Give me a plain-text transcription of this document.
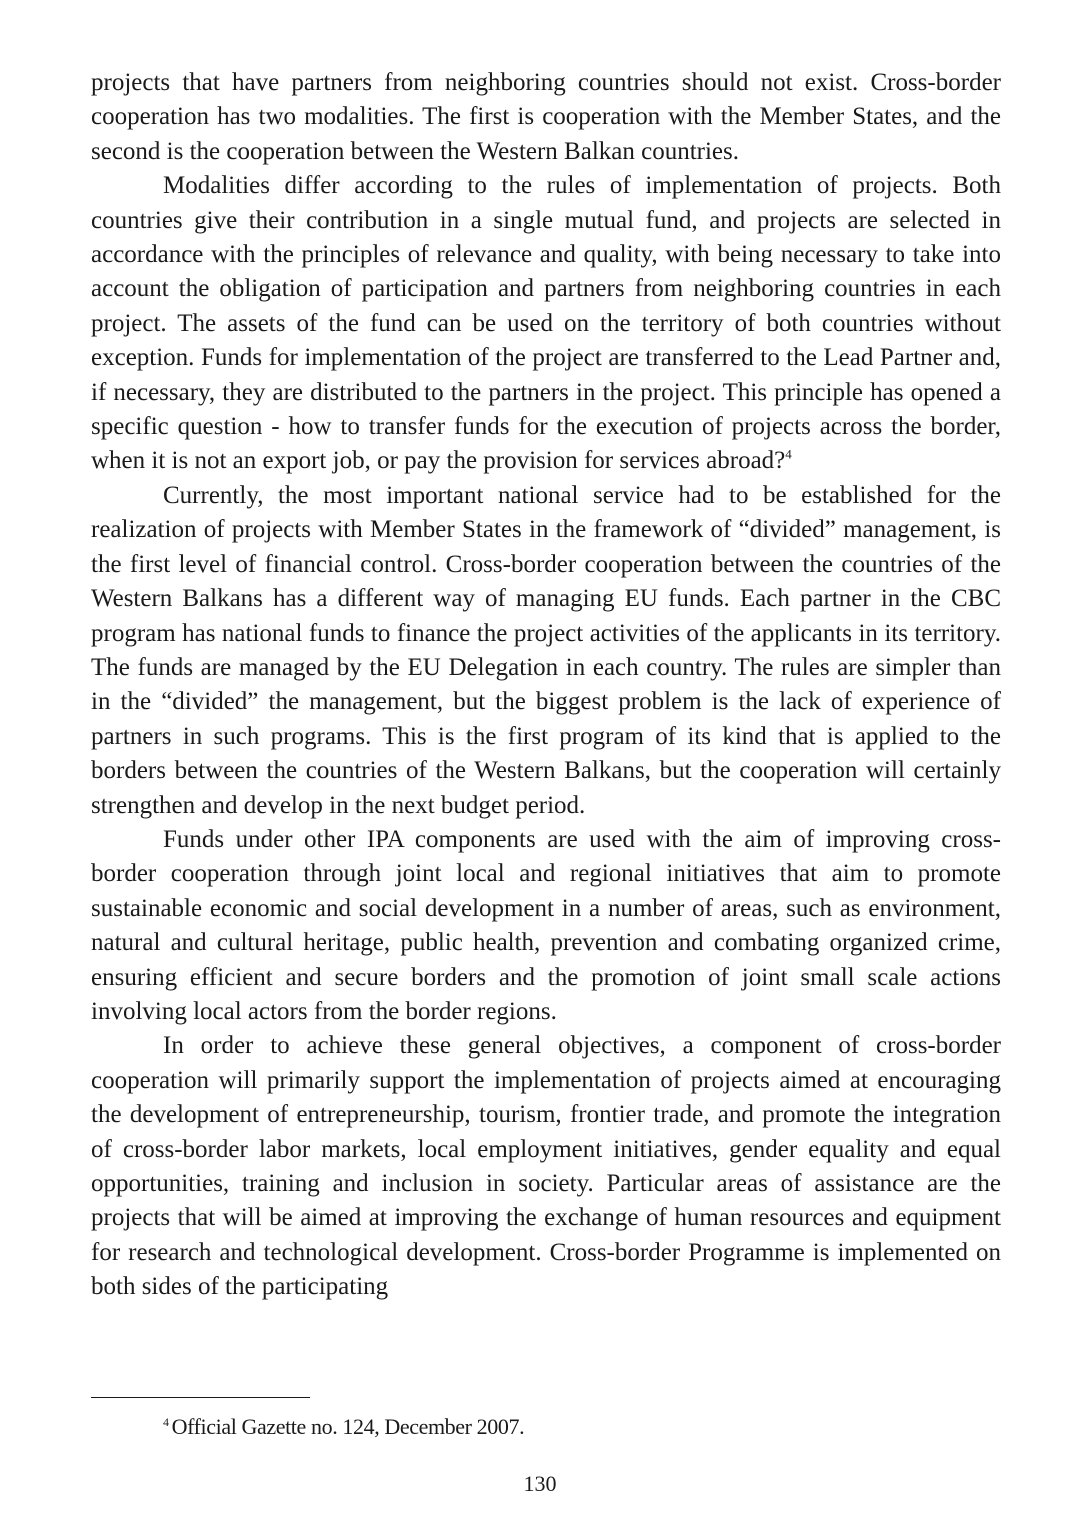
projects that have partners from neighboring countries should not exist. Cross-border cooperation has two modalities. The first is cooperation with the Member States, and the second is the cooperation between the Western Balkan countries.

Modalities differ according to the rules of implementation of projects. Both countries give their contribution in a single mutual fund, and projects are selected in accordance with the principles of relevance and quality, with being necessary to take into account the obligation of participation and partners from neighboring countries in each project. The assets of the fund can be used on the territory of both countries without exception. Funds for implementation of the project are transferred to the Lead Partner and, if necessary, they are distributed to the partners in the project. This principle has opened a specific question - how to transfer funds for the execution of projects across the border, when it is not an export job, or pay the provision for services abroad?$^4$

Currently, the most important national service had to be established for the realization of projects with Member States in the framework of “divided” management, is the first level of financial control. Cross-border cooperation between the countries of the Western Balkans has a different way of managing EU funds. Each partner in the CBC program has national funds to finance the project activities of the applicants in its territory. The funds are managed by the EU Delegation in each country. The rules are simpler than in the “divided” the management, but the biggest problem is the lack of experience of partners in such programs. This is the first program of its kind that is applied to the borders between the countries of the Western Balkans, but the cooperation will certainly strengthen and develop in the next budget period.

Funds under other IPA components are used with the aim of improving cross-border cooperation through joint local and regional initiatives that aim to promote sustainable economic and social development in a number of areas, such as environment, natural and cultural heritage, public health, prevention and combating organized crime, ensuring efficient and secure borders and the promotion of joint small scale actions involving local actors from the border regions.

In order to achieve these general objectives, a component of cross-border cooperation will primarily support the implementation of projects aimed at encouraging the development of entrepreneurship, tourism, frontier trade, and promote the integration of cross-border labor markets, local employment initiatives, gender equality and equal opportunities, training and inclusion in society. Particular areas of assistance are the projects that will be aimed at improving the exchange of human resources and equipment for research and technological development. Cross-border Programme is implemented on both sides of the participating

$^4$ Official Gazette no. 124, December 2007.
130
